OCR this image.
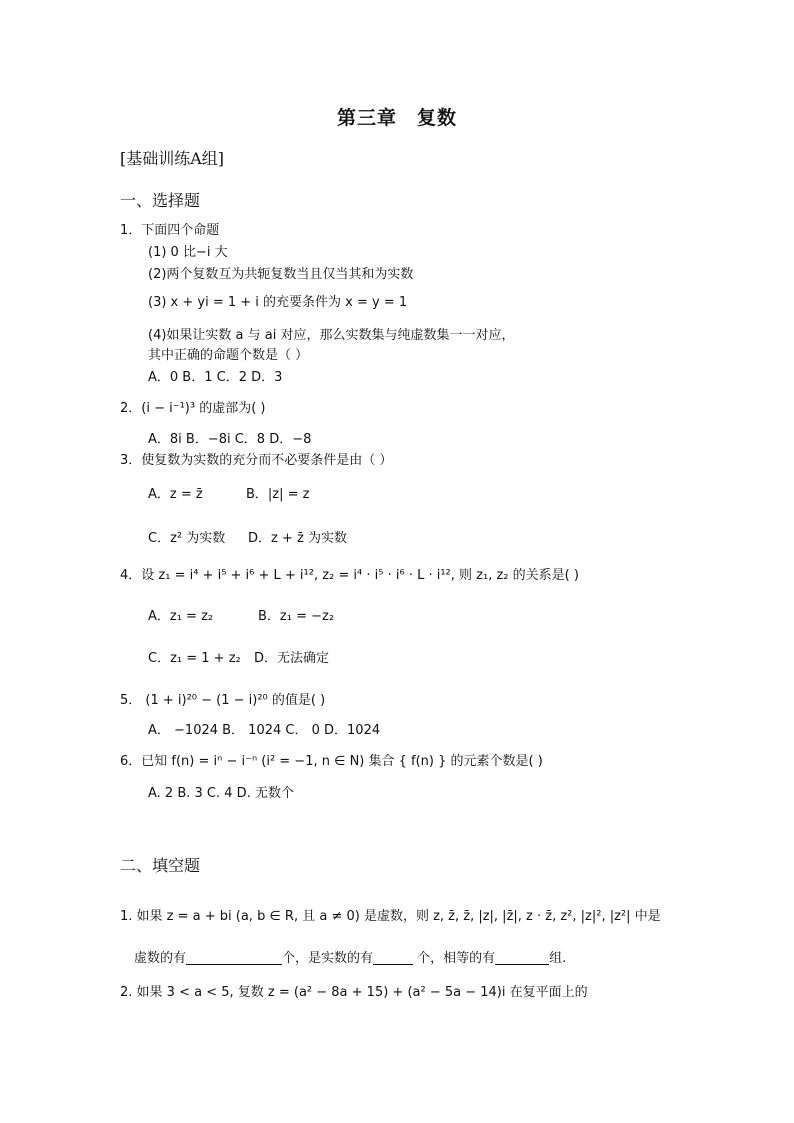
第三章　复数
[基础训练A组]
一、选择题
1．下面四个命题
(1) 0 比−i 大
(2)两个复数互为共轭复数当且仅当其和为实数
(3) x + yi = 1 + i 的充要条件为 x = y = 1
(4)如果让实数 a 与 ai 对应，那么实数集与纯虚数集一一对应，
其中正确的命题个数是（ ）
A．0 B．1 C．2 D．3
2．(i − i⁻¹)³ 的虚部为( )
A．8i B．−8i C．8 D．−8
3．使复数为实数的充分而不必要条件是由（ ）
A．z = z̄	B．|z| = z
C．z² 为实数 D．z + z̄ 为实数
4．设 z₁ = i⁴ + i⁵ + i⁶ + L + i¹², z₂ = i⁴ · i⁵ · i⁶ · L · i¹², 则 z₁, z₂ 的关系是( )
A．z₁ = z₂	B．z₁ = −z₂
C．z₁ = 1 + z₂ D．无法确定
5． (1 + i)²⁰ − (1 − i)²⁰ 的值是( )
A． −1024 B． 1024 C． 0 D．1024
6．已知 f(n) = iⁿ − i⁻ⁿ (i² = −1, n ∈ N) 集合 { f(n) } 的元素个数是( )
A. 2 B. 3 C. 4 D. 无数个
二、填空题
1. 如果 z = a + bi (a, b ∈ R, 且 a ≠ 0) 是虚数，则 z, z̄, z̄, |z|, |z̄|, z · z̄, z², |z|², |z²| 中是
虚数的有	个，是实数的有	个，相等的有	组.
2. 如果 3 < a < 5, 复数 z = (a² − 8a + 15) + (a² − 5a − 14)i 在复平面上的
